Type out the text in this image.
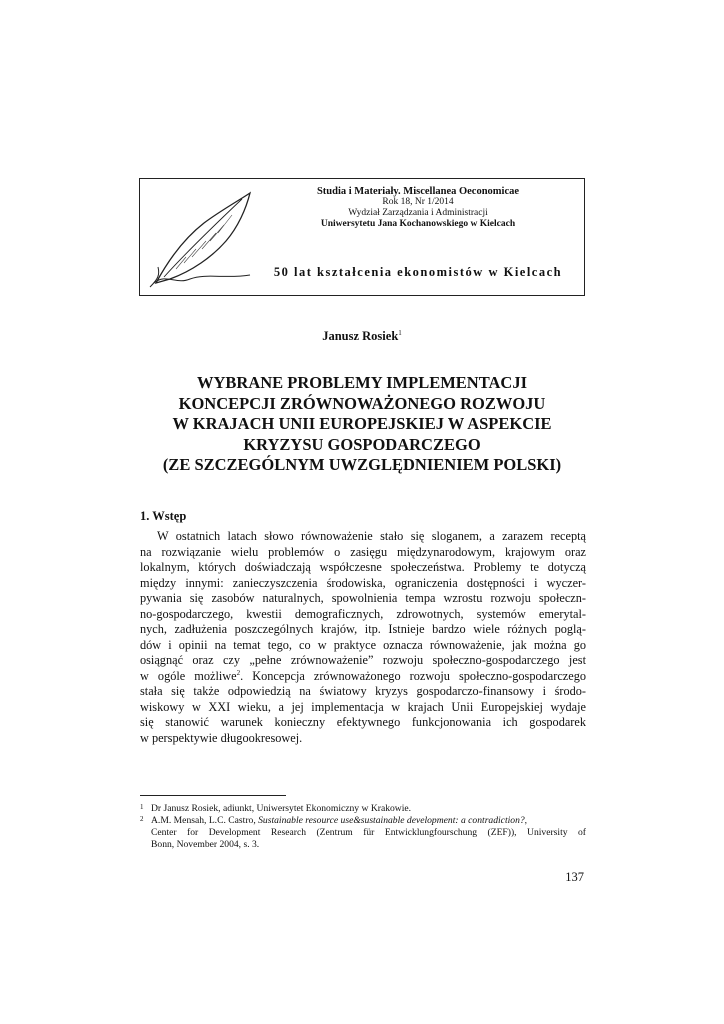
Studia i Materiały. Miscellanea Oeconomicae
Rok 18, Nr 1/2014
Wydział Zarządzania i Administracji
Uniwersytetu Jana Kochanowskiego w Kielcach
50 lat kształcenia ekonomistów w Kielcach
Janusz Rosiek$^1$
WYBRANE PROBLEMY IMPLEMENTACJI
KONCEPCJI ZRÓWNOWAŻONEGO ROZWOJU
W KRAJACH UNII EUROPEJSKIEJ W ASPEKCIE
KRYZYSU GOSPODARCZEGO
(ZE SZCZEGÓLNYM UWZGLĘDNIENIEM POLSKI)
1. Wstęp
W ostatnich latach słowo równoważenie stało się sloganem, a zarazem receptą
na rozwiązanie wielu problemów o zasięgu międzynarodowym, krajowym oraz
lokalnym, których doświadczają współczesne społeczeństwa. Problemy te dotyczą
między innymi: zanieczyszczenia środowiska, ograniczenia dostępności i wyczer-
pywania się zasobów naturalnych, spowolnienia tempa wzrostu rozwoju społeczn-
no-gospodarczego, kwestii demograficznych, zdrowotnych, systemów emerytal-
nych, zadłużenia poszczególnych krajów, itp. Istnieje bardzo wiele różnych poglą-
dów i opinii na temat tego, co w praktyce oznacza równoważenie, jak można go
osiągnąć oraz czy „pełne zrównoważenie” rozwoju społeczno-gospodarczego jest
w ogóle możliwe$^2$. Koncepcja zrównoważonego rozwoju społeczno-gospodarczego
stała się także odpowiedzią na światowy kryzys gospodarczo-finansowy i środo-
wiskowy w XXI wieku, a jej implementacja w krajach Unii Europejskiej wydaje
się stanowić warunek konieczny efektywnego funkcjonowania ich gospodarek
w perspektywie długookresowej.
1 Dr Janusz Rosiek, adiunkt, Uniwersytet Ekonomiczny w Krakowie.
2 A.M. Mensah, L.C. Castro, Sustainable resource use&sustainable development: a contradiction?,
Center for Development Research (Zentrum für Entwicklungfourschung (ZEF)), University of
Bonn, November 2004, s. 3.
137
